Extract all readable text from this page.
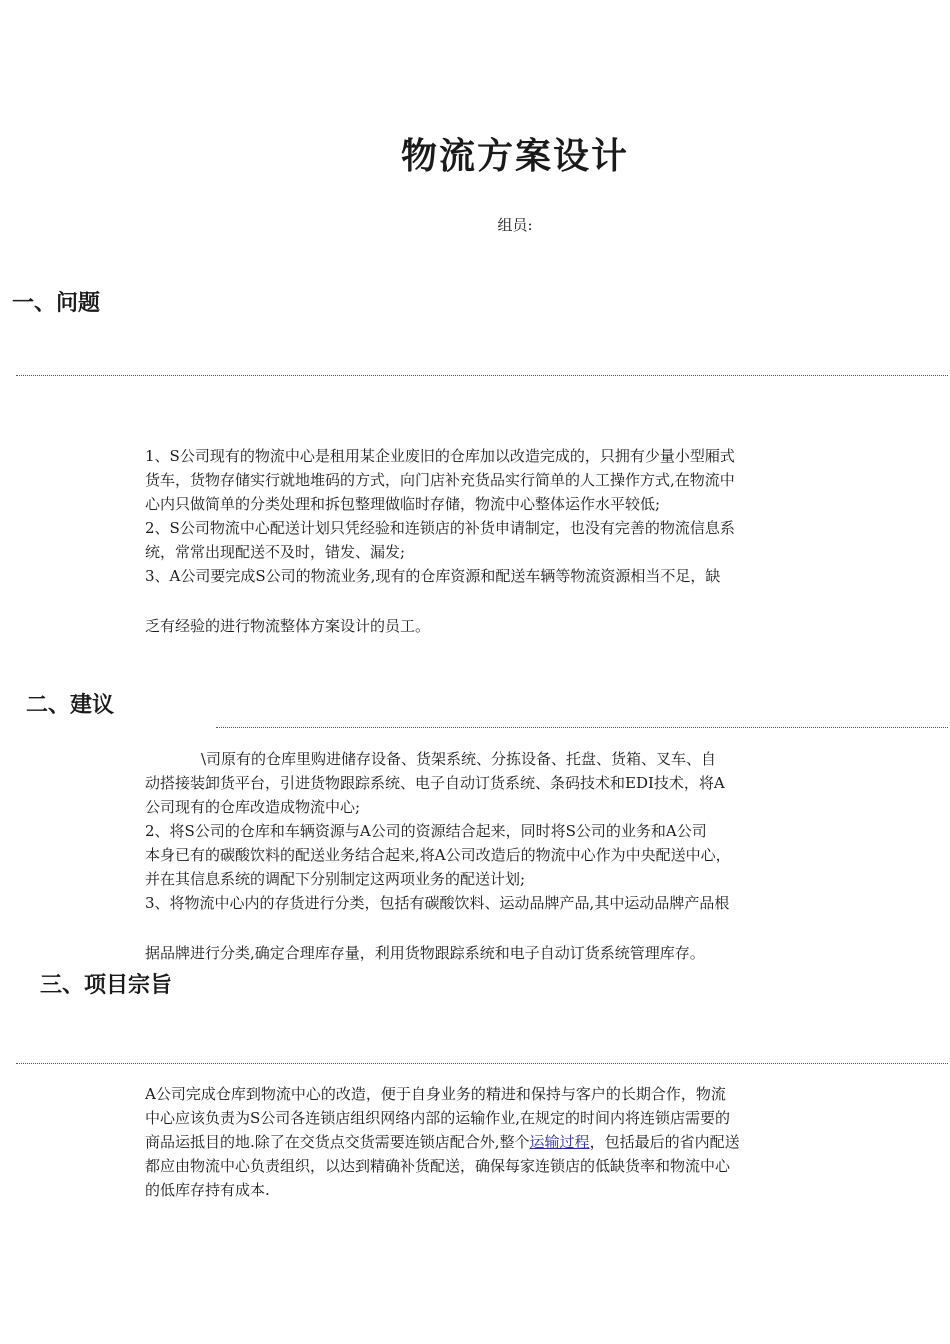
物流方案设计
组员:
一、问题
1、S公司现有的物流中心是租用某企业废旧的仓库加以改造完成的，只拥有少量小型厢式
货车，货物存储实行就地堆码的方式，向门店补充货品实行简单的人工操作方式,在物流中
心内只做简单的分类处理和拆包整理做临时存储，物流中心整体运作水平较低;
2、S公司物流中心配送计划只凭经验和连锁店的补货申请制定，也没有完善的物流信息系
统，常常出现配送不及时，错发、漏发;
3、A公司要完成S公司的物流业务,现有的仓库资源和配送车辆等物流资源相当不足，缺
乏有经验的进行物流整体方案设计的员工。
二、建议
\司原有的仓库里购进储存设备、货架系统、分拣设备、托盘、货箱、叉车、自
动搭接装卸货平台，引进货物跟踪系统、电子自动订货系统、条码技术和EDI技术，将A
公司现有的仓库改造成物流中心;
2、将S公司的仓库和车辆资源与A公司的资源结合起来，同时将S公司的业务和A公司
本身已有的碳酸饮料的配送业务结合起来,将A公司改造后的物流中心作为中央配送中心，
并在其信息系统的调配下分别制定这两项业务的配送计划;
3、将物流中心内的存货进行分类，包括有碳酸饮料、运动品牌产品,其中运动品牌产品根
据品牌进行分类,确定合理库存量，利用货物跟踪系统和电子自动订货系统管理库存。
三、项目宗旨
A公司完成仓库到物流中心的改造，便于自身业务的精进和保持与客户的长期合作，物流
中心应该负责为S公司各连锁店组织网络内部的运输作业,在规定的时间内将连锁店需要的
商品运抵目的地.除了在交货点交货需要连锁店配合外,整个运输过程，包括最后的省内配送
都应由物流中心负责组织，以达到精确补货配送，确保每家连锁店的低缺货率和物流中心
的低库存持有成本.
